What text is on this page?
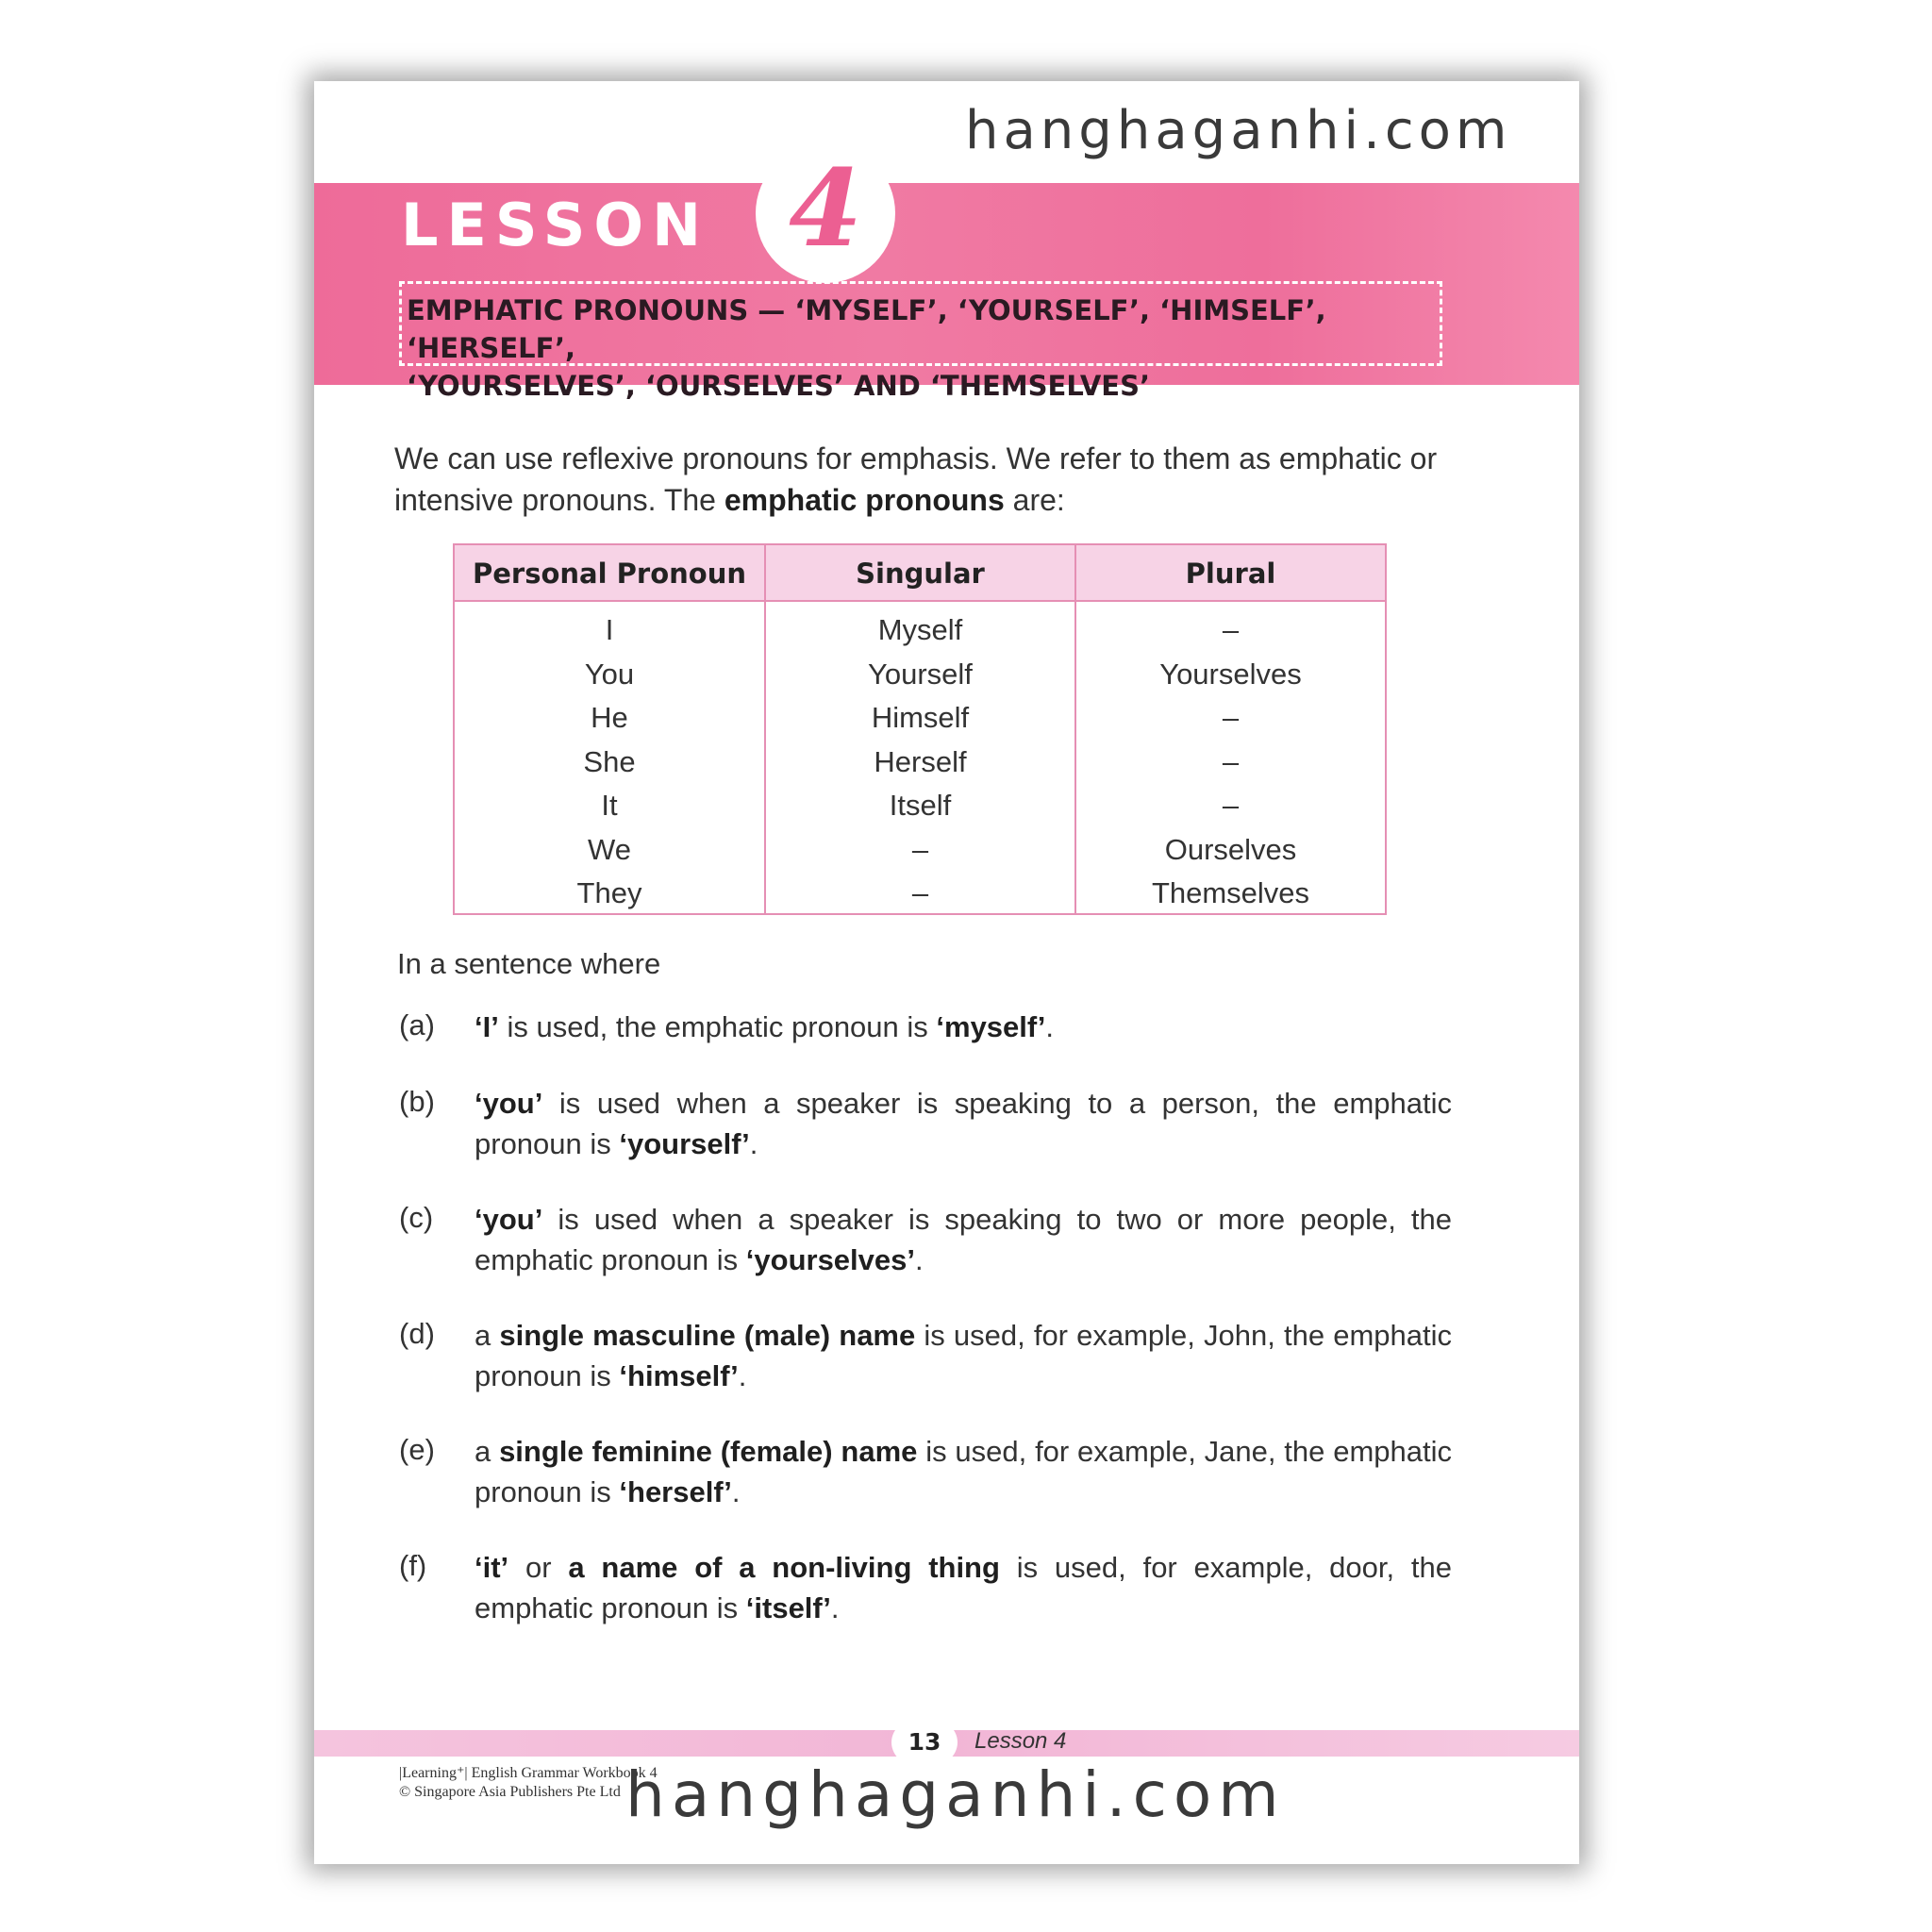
hanghaganhi.com
LESSON 4
EMPHATIC PRONOUNS — ‘MYSELF’, ‘YOURSELF’, ‘HIMSELF’, ‘HERSELF’,
‘YOURSELVES’, ‘OURSELVES’ AND ‘THEMSELVES’
We can use reflexive pronouns for emphasis. We refer to them as emphatic or intensive pronouns. The emphatic pronouns are:
Personal Pronoun	Singular	Plural
I	Myself	–
You	Yourself	Yourselves
He	Himself	–
She	Herself	–
It	Itself	–
We	–	Ourselves
They	–	Themselves
In a sentence where
(a) ‘I’ is used, the emphatic pronoun is ‘myself’.
(b) ‘you’ is used when a speaker is speaking to a person, the emphatic pronoun is ‘yourself’.
(c) ‘you’ is used when a speaker is speaking to two or more people, the emphatic pronoun is ‘yourselves’.
(d) a single masculine (male) name is used, for example, John, the emphatic pronoun is ‘himself’.
(e) a single feminine (female) name is used, for example, Jane, the emphatic pronoun is ‘herself’.
(f) ‘it’ or a name of a non-living thing is used, for example, door, the emphatic pronoun is ‘itself’.
13	Lesson 4
|Learning⁺| English Grammar Workbook 4
© Singapore Asia Publishers Pte Ltd hanghaganhi.com
